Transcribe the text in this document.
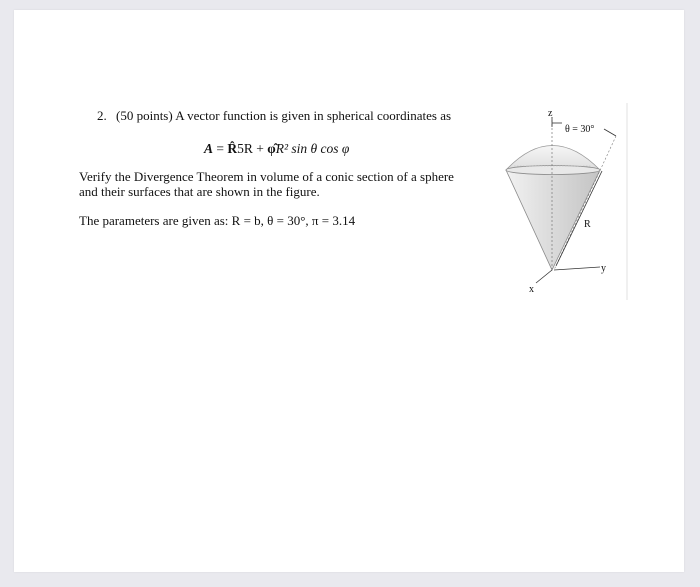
2. (50 points) A vector function is given in spherical coordinates as
A = R̂5R + φ̂R² sin θ cos φ
Verify the Divergence Theorem in volume of a conic section of a sphere
and their surfaces that are shown in the figure.
The parameters are given as: R = b, θ = 30°, π = 3.14
z
θ = 30°
R
y
x
